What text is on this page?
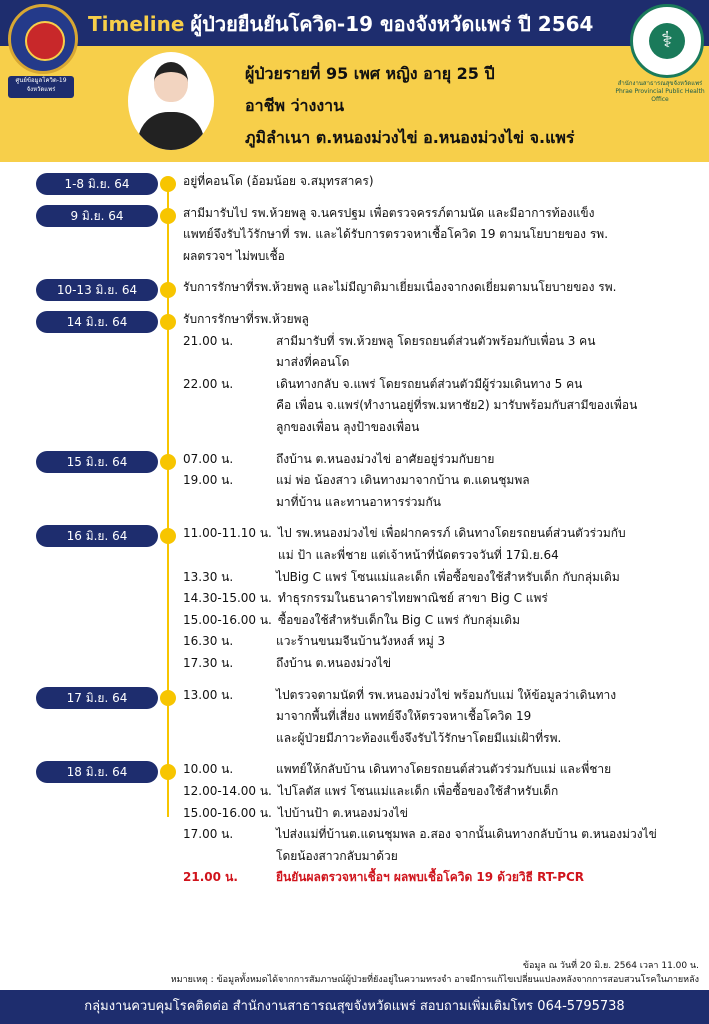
Timeline ผู้ป่วยยืนยันโควิด-19 ของจังหวัดแพร่ ปี 2564
ศูนย์ข้อมูลโควิด-19 จังหวัดแพร่
⚕
สำนักงานสาธารณสุขจังหวัดแพร่ Phrae Provincial Public Health Office
ผู้ป่วยรายที่ 95 เพศ หญิง อายุ 25 ปี
อาชีพ ว่างงาน
ภูมิลำเนา ต.หนองม่วงไข่ อ.หนองม่วงไข่ จ.แพร่
1-8 มิ.ย. 64	อยู่ที่คอนโด (อ้อมน้อย จ.สมุทรสาคร)
9 มิ.ย. 64	สามีมารับไป รพ.ห้วยพลู จ.นครปฐม เพื่อตรวจครรภ์ตามนัด และมีอาการท้องแข็ง
แพทย์จึงรับไว้รักษาที่ รพ. และได้รับการตรวจหาเชื้อโควิด 19 ตามนโยบายของ รพ.
ผลตรวจฯ ไม่พบเชื้อ
10-13 มิ.ย. 64	รับการรักษาที่รพ.ห้วยพลู และไม่มีญาติมาเยี่ยมเนื่องจากงดเยี่ยมตามนโยบายของ รพ.
14 มิ.ย. 64	รับการรักษาที่รพ.ห้วยพลู
21.00 น.	สามีมารับที่ รพ.ห้วยพลู โดยรถยนต์ส่วนตัวพร้อมกับเพื่อน 3 คน
มาส่งที่คอนโด
22.00 น.	เดินทางกลับ จ.แพร่ โดยรถยนต์ส่วนตัวมีผู้ร่วมเดินทาง 5 คน
คือ เพื่อน จ.แพร่(ทำงานอยู่ที่รพ.มหาชัย2) มารับพร้อมกับสามีของเพื่อน
ลูกของเพื่อน ลุงป้าของเพื่อน
15 มิ.ย. 64	07.00 น.	ถึงบ้าน ต.หนองม่วงไข่ อาศัยอยู่ร่วมกับยาย
19.00 น.	แม่ พ่อ น้องสาว เดินทางมาจากบ้าน ต.แดนชุมพล
มาที่บ้าน และทานอาหารร่วมกัน
16 มิ.ย. 64	11.00-11.10 น. ไป รพ.หนองม่วงไข่ เพื่อฝากครรภ์ เดินทางโดยรถยนต์ส่วนตัวร่วมกับ
แม่ ป้า และพี่ชาย แต่เจ้าหน้าที่นัดตรวจวันที่ 17มิ.ย.64
13.30 น.	ไปBig C แพร่ โซนแม่และเด็ก เพื่อซื้อของใช้สำหรับเด็ก กับกลุ่มเดิม
14.30-15.00 น. ทำธุรกรรมในธนาคารไทยพาณิชย์ สาขา Big C แพร่
15.00-16.00 น. ซื้อของใช้สำหรับเด็กใน Big C แพร่ กับกลุ่มเดิม
16.30 น.	แวะร้านขนมจีนบ้านวังหงส์ หมู่ 3
17.30 น.	ถึงบ้าน ต.หนองม่วงไข่
17 มิ.ย. 64	13.00 น.	ไปตรวจตามนัดที่ รพ.หนองม่วงไข่ พร้อมกับแม่ ให้ข้อมูลว่าเดินทาง
มาจากพื้นที่เสี่ยง แพทย์จึงให้ตรวจหาเชื้อโควิด 19
และผู้ป่วยมีภาวะท้องแข็งจึงรับไว้รักษาโดยมีแม่เฝ้าที่รพ.
18 มิ.ย. 64	10.00 น.	แพทย์ให้กลับบ้าน เดินทางโดยรถยนต์ส่วนตัวร่วมกับแม่ และพี่ชาย
12.00-14.00 น. ไปโลตัส แพร่ โซนแม่และเด็ก เพื่อซื้อของใช้สำหรับเด็ก
15.00-16.00 น. ไปบ้านป้า ต.หนองม่วงไข่
17.00 น.	ไปส่งแม่ที่บ้านต.แดนชุมพล อ.สอง จากนั้นเดินทางกลับบ้าน ต.หนองม่วงไข่
โดยน้องสาวกลับมาด้วย
21.00 น.	ยืนยันผลตรวจหาเชื้อฯ ผลพบเชื้อโควิด 19 ด้วยวิธี RT-PCR
ข้อมูล ณ วันที่ 20 มิ.ย. 2564 เวลา 11.00 น.
หมายเหตุ : ข้อมูลทั้งหมดได้จากการสัมภาษณ์ผู้ป่วยที่ยังอยู่ในความทรงจำ อาจมีการแก้ไขเปลี่ยนแปลงหลังจากการสอบสวนโรคในภายหลัง
กลุ่มงานควบคุมโรคติดต่อ สำนักงานสาธารณสุขจังหวัดแพร่ สอบถามเพิ่มเติมโทร 064-5795738
